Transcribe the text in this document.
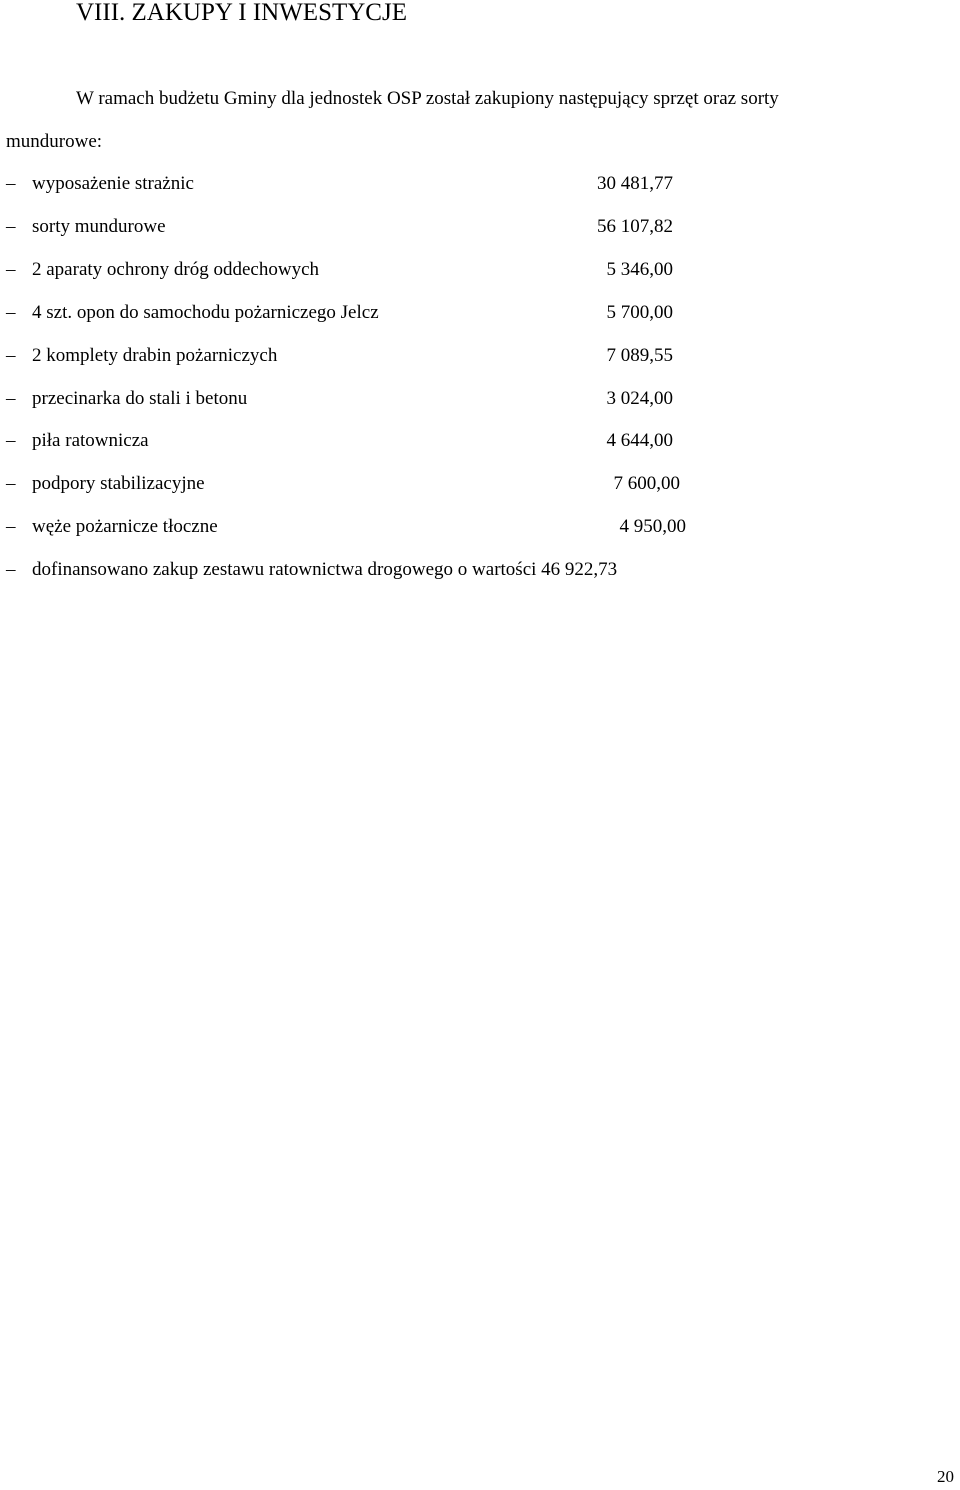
VIII. ZAKUPY I INWESTYCJE
W ramach budżetu Gminy dla jednostek OSP został zakupiony następujący sprzęt oraz sorty
mundurowe:
– wyposażenie strażnic	30 481,77
– sorty mundurowe	56 107,82
– 2 aparaty ochrony dróg oddechowych	5 346,00
– 4 szt. opon do samochodu pożarniczego Jelcz	5 700,00
– 2 komplety drabin pożarniczych	7 089,55
– przecinarka do stali i betonu	3 024,00
– piła ratownicza	4 644,00
– podpory stabilizacyjne	7 600,00
– węże pożarnicze tłoczne	4 950,00
– dofinansowano zakup zestawu ratownictwa drogowego o wartości 46 922,73
20
